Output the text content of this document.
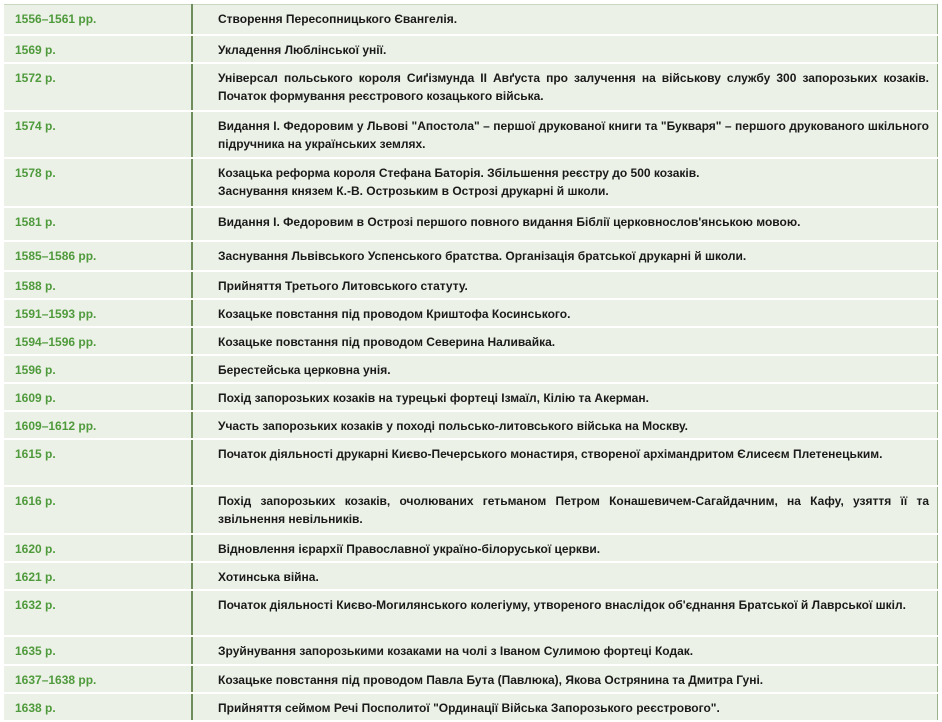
1556–1561 рр.	Створення Пересопницького Євангелія.
1569 р.	Укладення Люблінської унії.
1572 р.	Універсал польського короля Сиґізмунда ІІ Авґуста про залучення на військову службу 300 запорозьких козаків. Початок формування реєстрового козацького війська.
1574 р.	Видання І. Федоровим у Львові "Апостола" – першої друкованої книги та "Букваря" – першого друкованого шкільного підручника на українських землях.
1578 р.	Козацька реформа короля Стефана Баторія. Збільшення реєстру до 500 козаків.
Заснування князем К.-В. Острозьким в Острозі друкарні й школи.
1581 р.	Видання І. Федоровим в Острозі першого повного видання Біблії церковнослов'янською мовою.
1585–1586 рр.	Заснування Львівського Успенського братства. Організація братської друкарні й школи.
1588 р.	Прийняття Третього Литовського статуту.
1591–1593 рр.	Козацьке повстання під проводом Криштофа Косинського.
1594–1596 рр.	Козацьке повстання під проводом Северина Наливайка.
1596 р.	Берестейська церковна унія.
1609 р.	Похід запорозьких козаків на турецькі фортеці Ізмаїл, Кілію та Акерман.
1609–1612 рр.	Участь запорозьких козаків у поході польсько-литовського війська на Москву.
1615 р.	Початок діяльності друкарні Києво-Печерського монастиря, створеної архімандритом Єлисеєм Плетенецьким.
1616 р.	Похід запорозьких козаків, очолюваних гетьманом Петром Конашевичем-Сагайдачним, на Кафу, узяття її та звільнення невільників.
1620 р.	Відновлення ієрархії Православної україно-білоруської церкви.
1621 р.	Хотинська війна.
1632 р.	Початок діяльності Києво-Могилянського колегіуму, утвореного внаслідок об'єднання Братської й Лаврської шкіл.
1635 р.	Зруйнування запорозькими козаками на чолі з Іваном Сулимою фортеці Кодак.
1637–1638 рр.	Козацьке повстання під проводом Павла Бута (Павлюка), Якова Острянина та Дмитра Гуні.
1638 р.	Прийняття сеймом Речі Посполитої "Ординації Війська Запорозького реєстрового".
